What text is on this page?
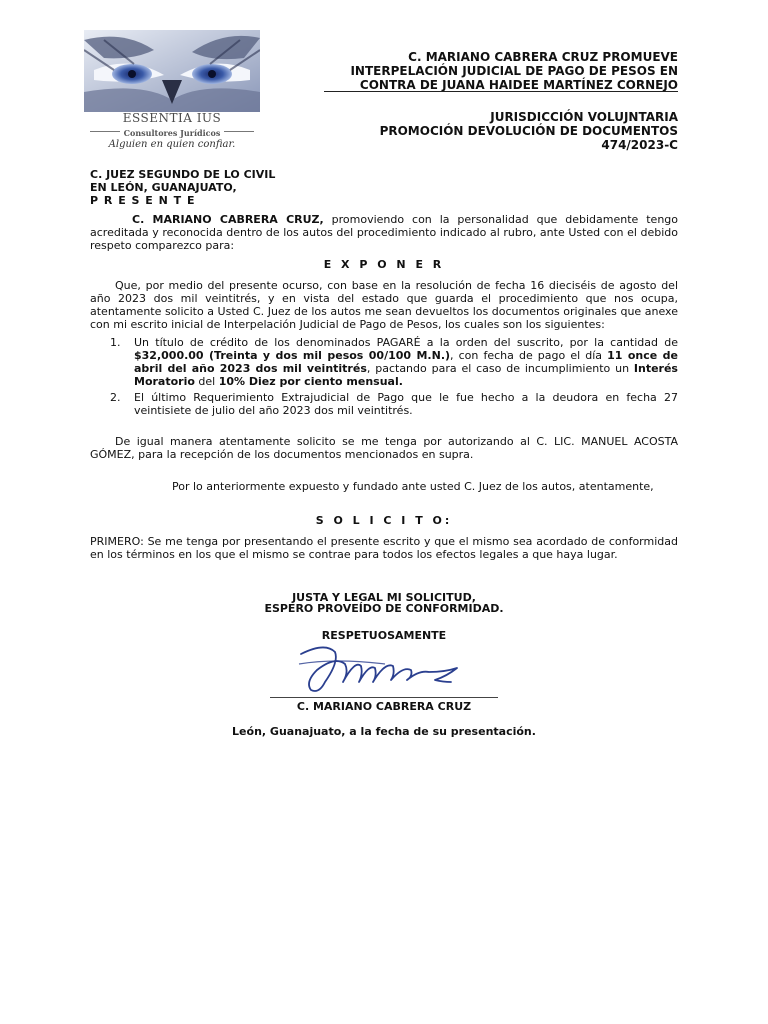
ESSENTIA IUS
Consultores Jurídicos
Alguien en quien confiar.
C. MARIANO CABRERA CRUZ PROMUEVE
INTERPELACIÓN JUDICIAL DE PAGO DE PESOS EN
CONTRA DE JUANA HAIDEE MARTÍNEZ CORNEJO
JURISDICCIÓN VOLUJNTARIA
PROMOCIÓN DEVOLUCIÓN DE DOCUMENTOS
474/2023-C
C. JUEZ SEGUNDO DE LO CIVIL
EN LEÓN, GUANAJUATO,
P R E S E N T E
C. MARIANO CABRERA CRUZ, promoviendo con la personalidad que debidamente tengo acreditada y reconocida dentro de los autos del procedimiento indicado al rubro, ante Usted con el debido respeto comparezco para:
E X P O N E R
Que, por medio del presente ocurso, con base en la resolución de fecha 16 dieciséis de agosto del año 2023 dos mil veintitrés, y en vista del estado que guarda el procedimiento que nos ocupa, atentamente solicito a Usted C. Juez de los autos me sean devueltos los documentos originales que anexe con mi escrito inicial de Interpelación Judicial de Pago de Pesos, los cuales son los siguientes:
1.	Un título de crédito de los denominados PAGARÉ a la orden del suscrito, por la cantidad de $32,000.00 (Treinta y dos mil pesos 00/100 M.N.), con fecha de pago el día 11 once de abril del año 2023 dos mil veintitrés, pactando para el caso de incumplimiento un Interés Moratorio del 10% Diez por ciento mensual.
2.	El último Requerimiento Extrajudicial de Pago que le fue hecho a la deudora en fecha 27 veintisiete de julio del año 2023 dos mil veintitrés.
De igual manera atentamente solicito se me tenga por autorizando al C. LIC. MANUEL ACOSTA GÓMEZ, para la recepción de los documentos mencionados en supra.
Por lo anteriormente expuesto y fundado ante usted C. Juez de los autos, atentamente,
S O L I C I T O:
PRIMERO: Se me tenga por presentando el presente escrito y que el mismo sea acordado de conformidad en los términos en los que el mismo se contrae para todos los efectos legales a que haya lugar.
JUSTA Y LEGAL MI SOLICITUD,
ESPERO PROVEÍDO DE CONFORMIDAD.
RESPETUOSAMENTE
C. MARIANO CABRERA CRUZ
León, Guanajuato, a la fecha de su presentación.
